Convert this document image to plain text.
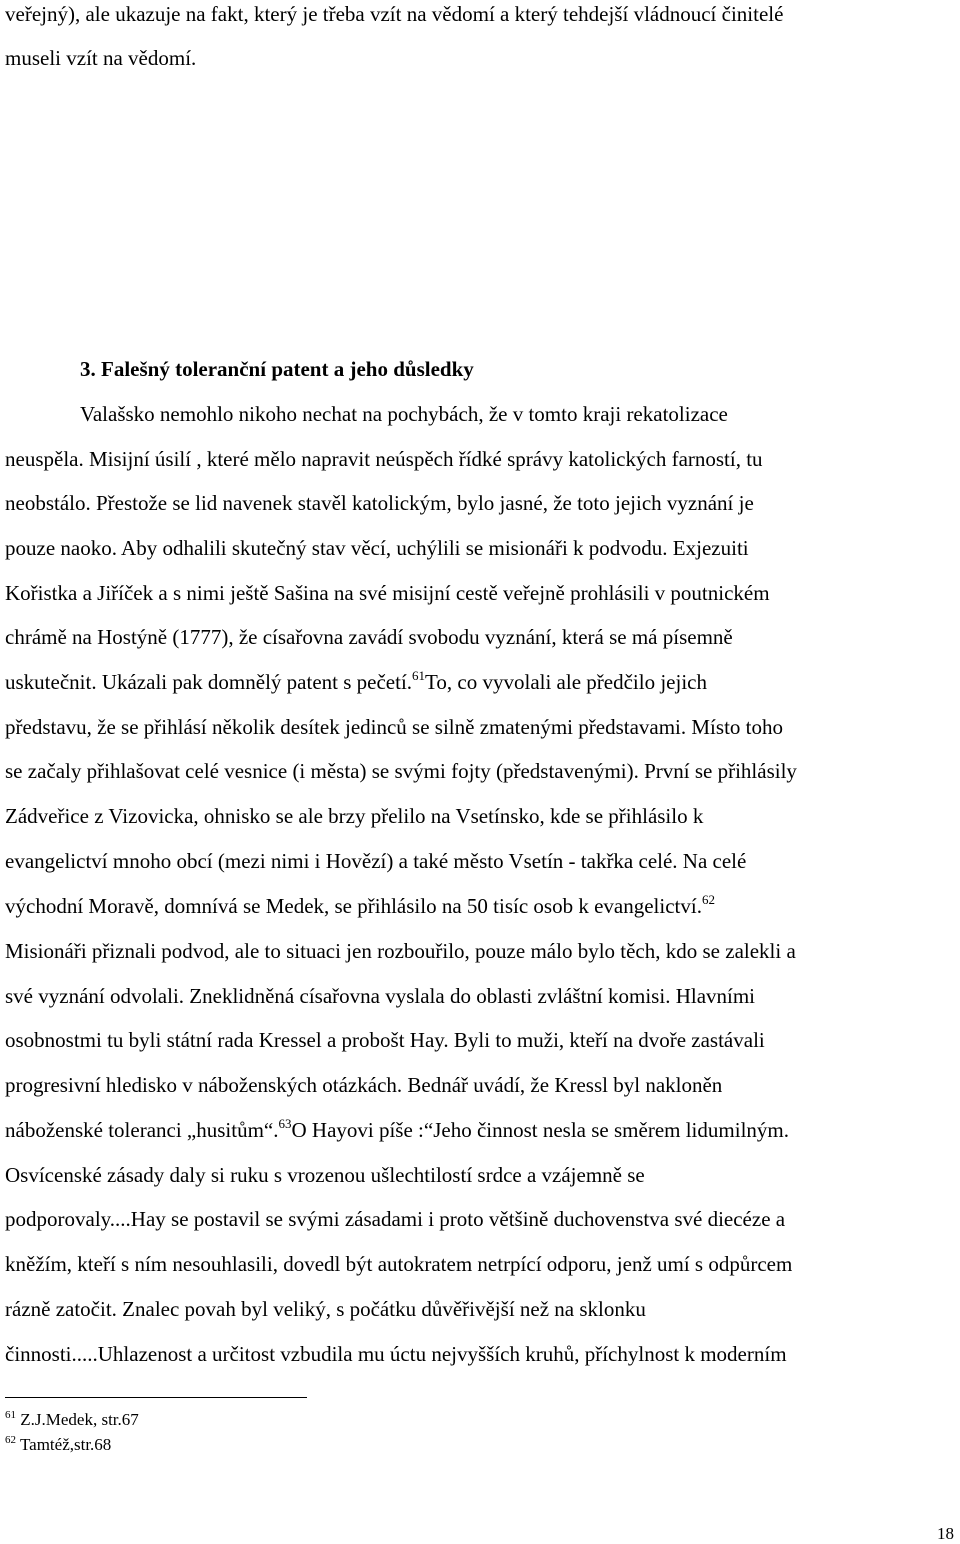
veřejný), ale ukazuje na fakt, který je třeba vzít na vědomí a který tehdejší vládnoucí činitelé
museli vzít na vědomí.
3. Falešný toleranční patent a jeho důsledky
Valašsko nemohlo nikoho nechat na pochybách, že v tomto kraji rekatolizace
neuspěla. Misijní úsilí , které mělo napravit neúspěch řídké správy katolických farností, tu
neobstálo. Přestože se lid navenek stavěl katolickým, bylo jasné, že toto jejich vyznání je
pouze naoko. Aby odhalili skutečný stav věcí, uchýlili se misionáři k podvodu. Exjezuiti
Kořistka a Jiříček a s nimi ještě Sašina na své misijní cestě veřejně prohlásili v poutnickém
chrámě na Hostýně (1777), že císařovna zavádí svobodu vyznání, která se má písemně
uskutečnit. Ukázali pak domnělý patent s pečetí.$^{61}$To, co vyvolali ale předčilo jejich
představu, že se přihlásí několik desítek jedinců se silně zmatenými představami. Místo toho
se začaly přihlašovat celé vesnice (i města) se svými fojty (představenými). První se přihlásily
Zádveřice z Vizovicka, ohnisko se ale brzy přelilo na Vsetínsko, kde se přihlásilo k
evangelictví mnoho obcí (mezi nimi i Hovězí) a také město Vsetín - takřka celé. Na celé
východní Moravě, domnívá se Medek, se přihlásilo na 50 tisíc osob k evangelictví.$^{62}$
Misionáři přiznali podvod, ale to situaci jen rozbouřilo, pouze málo bylo těch, kdo se zalekli a
své vyznání odvolali. Zneklidněná císařovna vyslala do oblasti zvláštní komisi. Hlavními
osobnostmi tu byli státní rada Kressel a probošt Hay. Byli to muži, kteří na dvoře zastávali
progresivní hledisko v náboženských otázkách. Bednář uvádí, že Kressl byl nakloněn
náboženské toleranci „husitům“.$^{63}$O Hayovi píše :“Jeho činnost nesla se směrem lidumilným.
Osvícenské zásady daly si ruku s vrozenou ušlechtilostí srdce a vzájemně se
podporovaly....Hay se postavil se svými zásadami i proto většině duchovenstva své diecéze a
kněžím, kteří s ním nesouhlasili, dovedl být autokratem netrpící odporu, jenž umí s odpůrcem
rázně zatočit. Znalec povah byl veliký, s počátku důvěřivější než na sklonku
činnosti.....Uhlazenost a určitost vzbudila mu úctu nejvyšších kruhů, příchylnost k moderním
$^{61}$ Z.J.Medek, str.67
$^{62}$ Tamtéž,str.68
18
